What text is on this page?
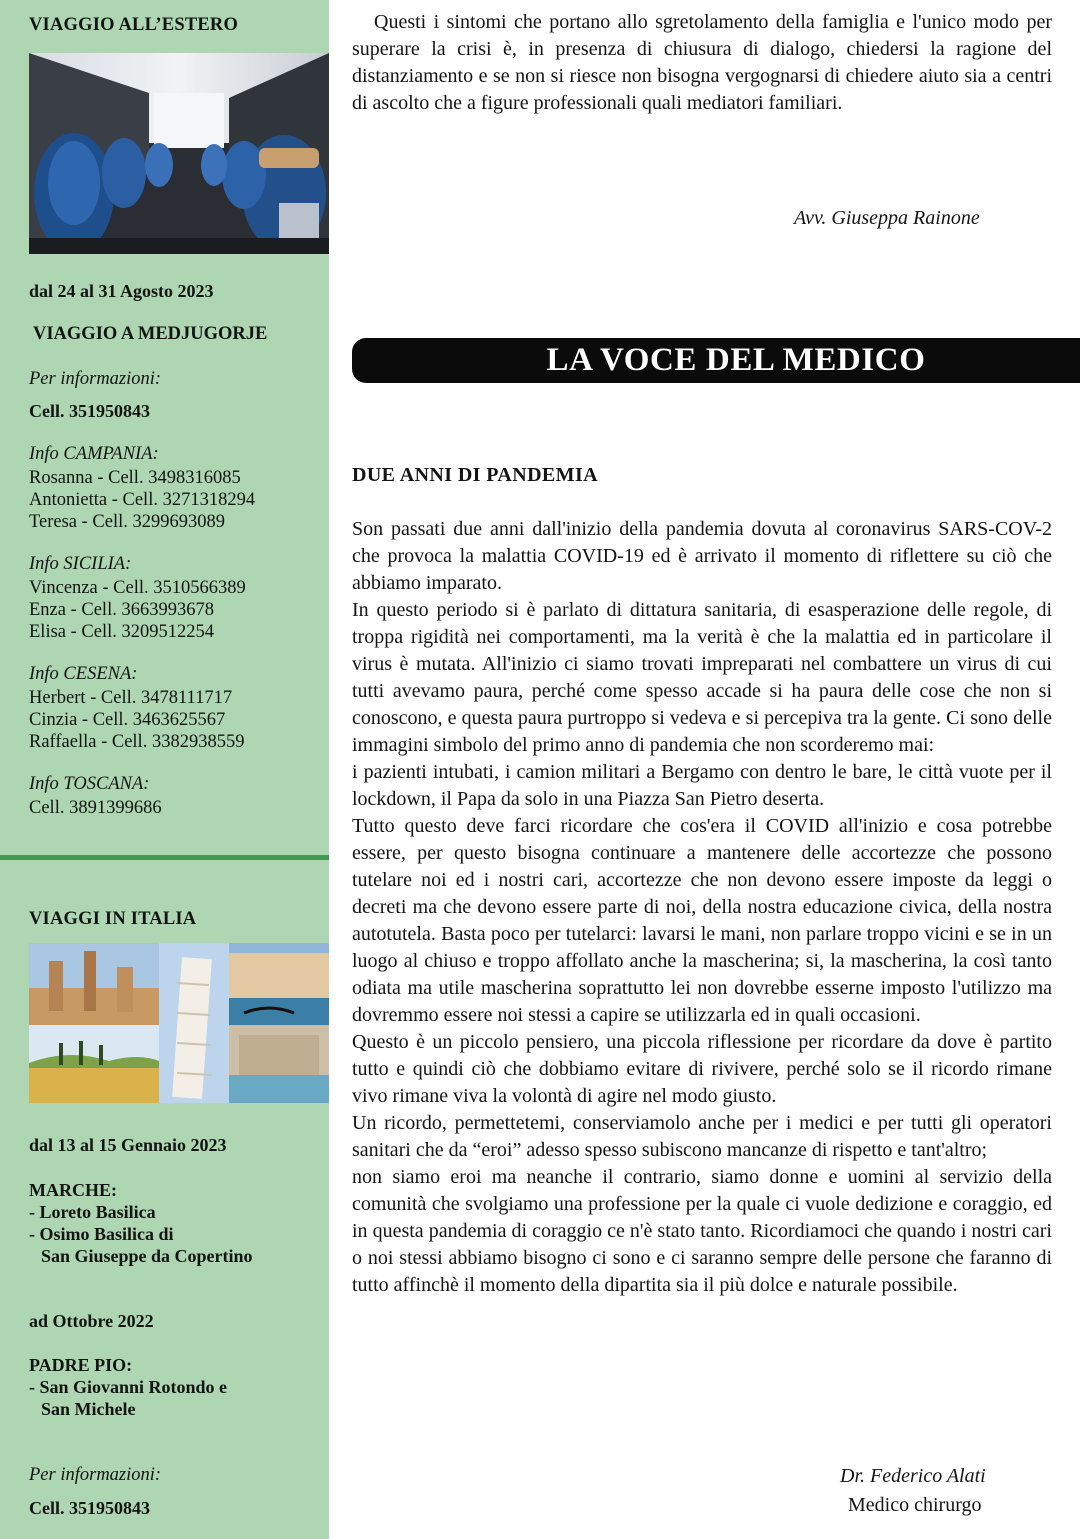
VIAGGIO ALL’ESTERO

dal 24 al 31 Agosto 2023

VIAGGIO A MEDJUGORJE

Per informazioni:

Cell. 351950843

Info CAMPANIA:

Rosanna - Cell. 3498316085

Antonietta - Cell. 3271318294

Teresa - Cell. 3299693089

Info SICILIA:

Vincenza - Cell. 3510566389

Enza - Cell. 3663993678

Elisa - Cell. 3209512254

Info CESENA:

Herbert - Cell. 3478111717

Cinzia - Cell. 3463625567

Raffaella - Cell. 3382938559

Info TOSCANA:

Cell. 3891399686

VIAGGI IN ITALIA

dal 13 al 15 Gennaio 2023

MARCHE:

- Loreto Basilica

- Osimo Basilica di

San Giuseppe da Copertino

ad Ottobre 2022

PADRE PIO:

- San Giovanni Rotondo e

San Michele

Per informazioni:

Cell. 351950843

Questi i sintomi che portano allo sgretolamento della famiglia e l'unico modo per superare la crisi è, in presenza di chiusura di dialogo, chiedersi la ragione del distanziamento e se non si riesce non bisogna vergognarsi di chiedere aiuto sia a centri di ascolto che a figure professionali quali mediatori familiari.

Avv. Giuseppa Rainone

LA VOCE DEL MEDICO
DUE ANNI DI PANDEMIA

Son passati due anni dall'inizio della pandemia dovuta al coronavirus SARS-COV-2 che provoca la malattia COVID-19 ed è arrivato il momento di riflettere su ciò che abbiamo imparato.

In questo periodo si è parlato di dittatura sanitaria, di esasperazione delle regole, di troppa rigidità nei comportamenti, ma la verità è che la malattia ed in particolare il virus è mutata. All'inizio ci siamo trovati impreparati nel combattere un virus di cui tutti avevamo paura, perché come spesso accade si ha paura delle cose che non si conoscono, e questa paura purtroppo si vedeva e si percepiva tra la gente. Ci sono delle immagini simbolo del primo anno di pandemia che non scorderemo mai:

i pazienti intubati, i camion militari a Bergamo con dentro le bare, le città vuote per il lockdown, il Papa da solo in una Piazza San Pietro deserta.

Tutto questo deve farci ricordare che cos'era il COVID all'inizio e cosa potrebbe essere, per questo bisogna continuare a mantenere delle accortezze che possono tutelare noi ed i nostri cari, accortezze che non devono essere imposte da leggi o decreti ma che devono essere parte di noi, della nostra educazione civica, della nostra autotutela. Basta poco per tutelarci: lavarsi le mani, non parlare troppo vicini e se in un luogo al chiuso e troppo affollato anche la mascherina; si, la mascherina, la così tanto odiata ma utile mascherina soprattutto lei non dovrebbe esserne imposto l'utilizzo ma dovremmo essere noi stessi a capire se utilizzarla ed in quali occasioni.

Questo è un piccolo pensiero, una piccola riflessione per ricordare da dove è partito tutto e quindi ciò che dobbiamo evitare di rivivere, perché solo se il ricordo rimane vivo rimane viva la volontà di agire nel modo giusto.

Un ricordo, permettetemi, conserviamolo anche per i medici e per tutti gli operatori sanitari che da “eroi” adesso spesso subiscono mancanze di rispetto e tant'altro;

non siamo eroi ma neanche il contrario, siamo donne e uomini al servizio della comunità che svolgiamo una professione per la quale ci vuole dedizione e coraggio, ed in questa pandemia di coraggio ce n'è stato tanto. Ricordiamoci che quando i nostri cari o noi stessi abbiamo bisogno ci sono e ci saranno sempre delle persone che faranno di tutto affinchè il momento della dipartita sia il più dolce e naturale possibile.

Dr. Federico Alati

Medico chirurgo
